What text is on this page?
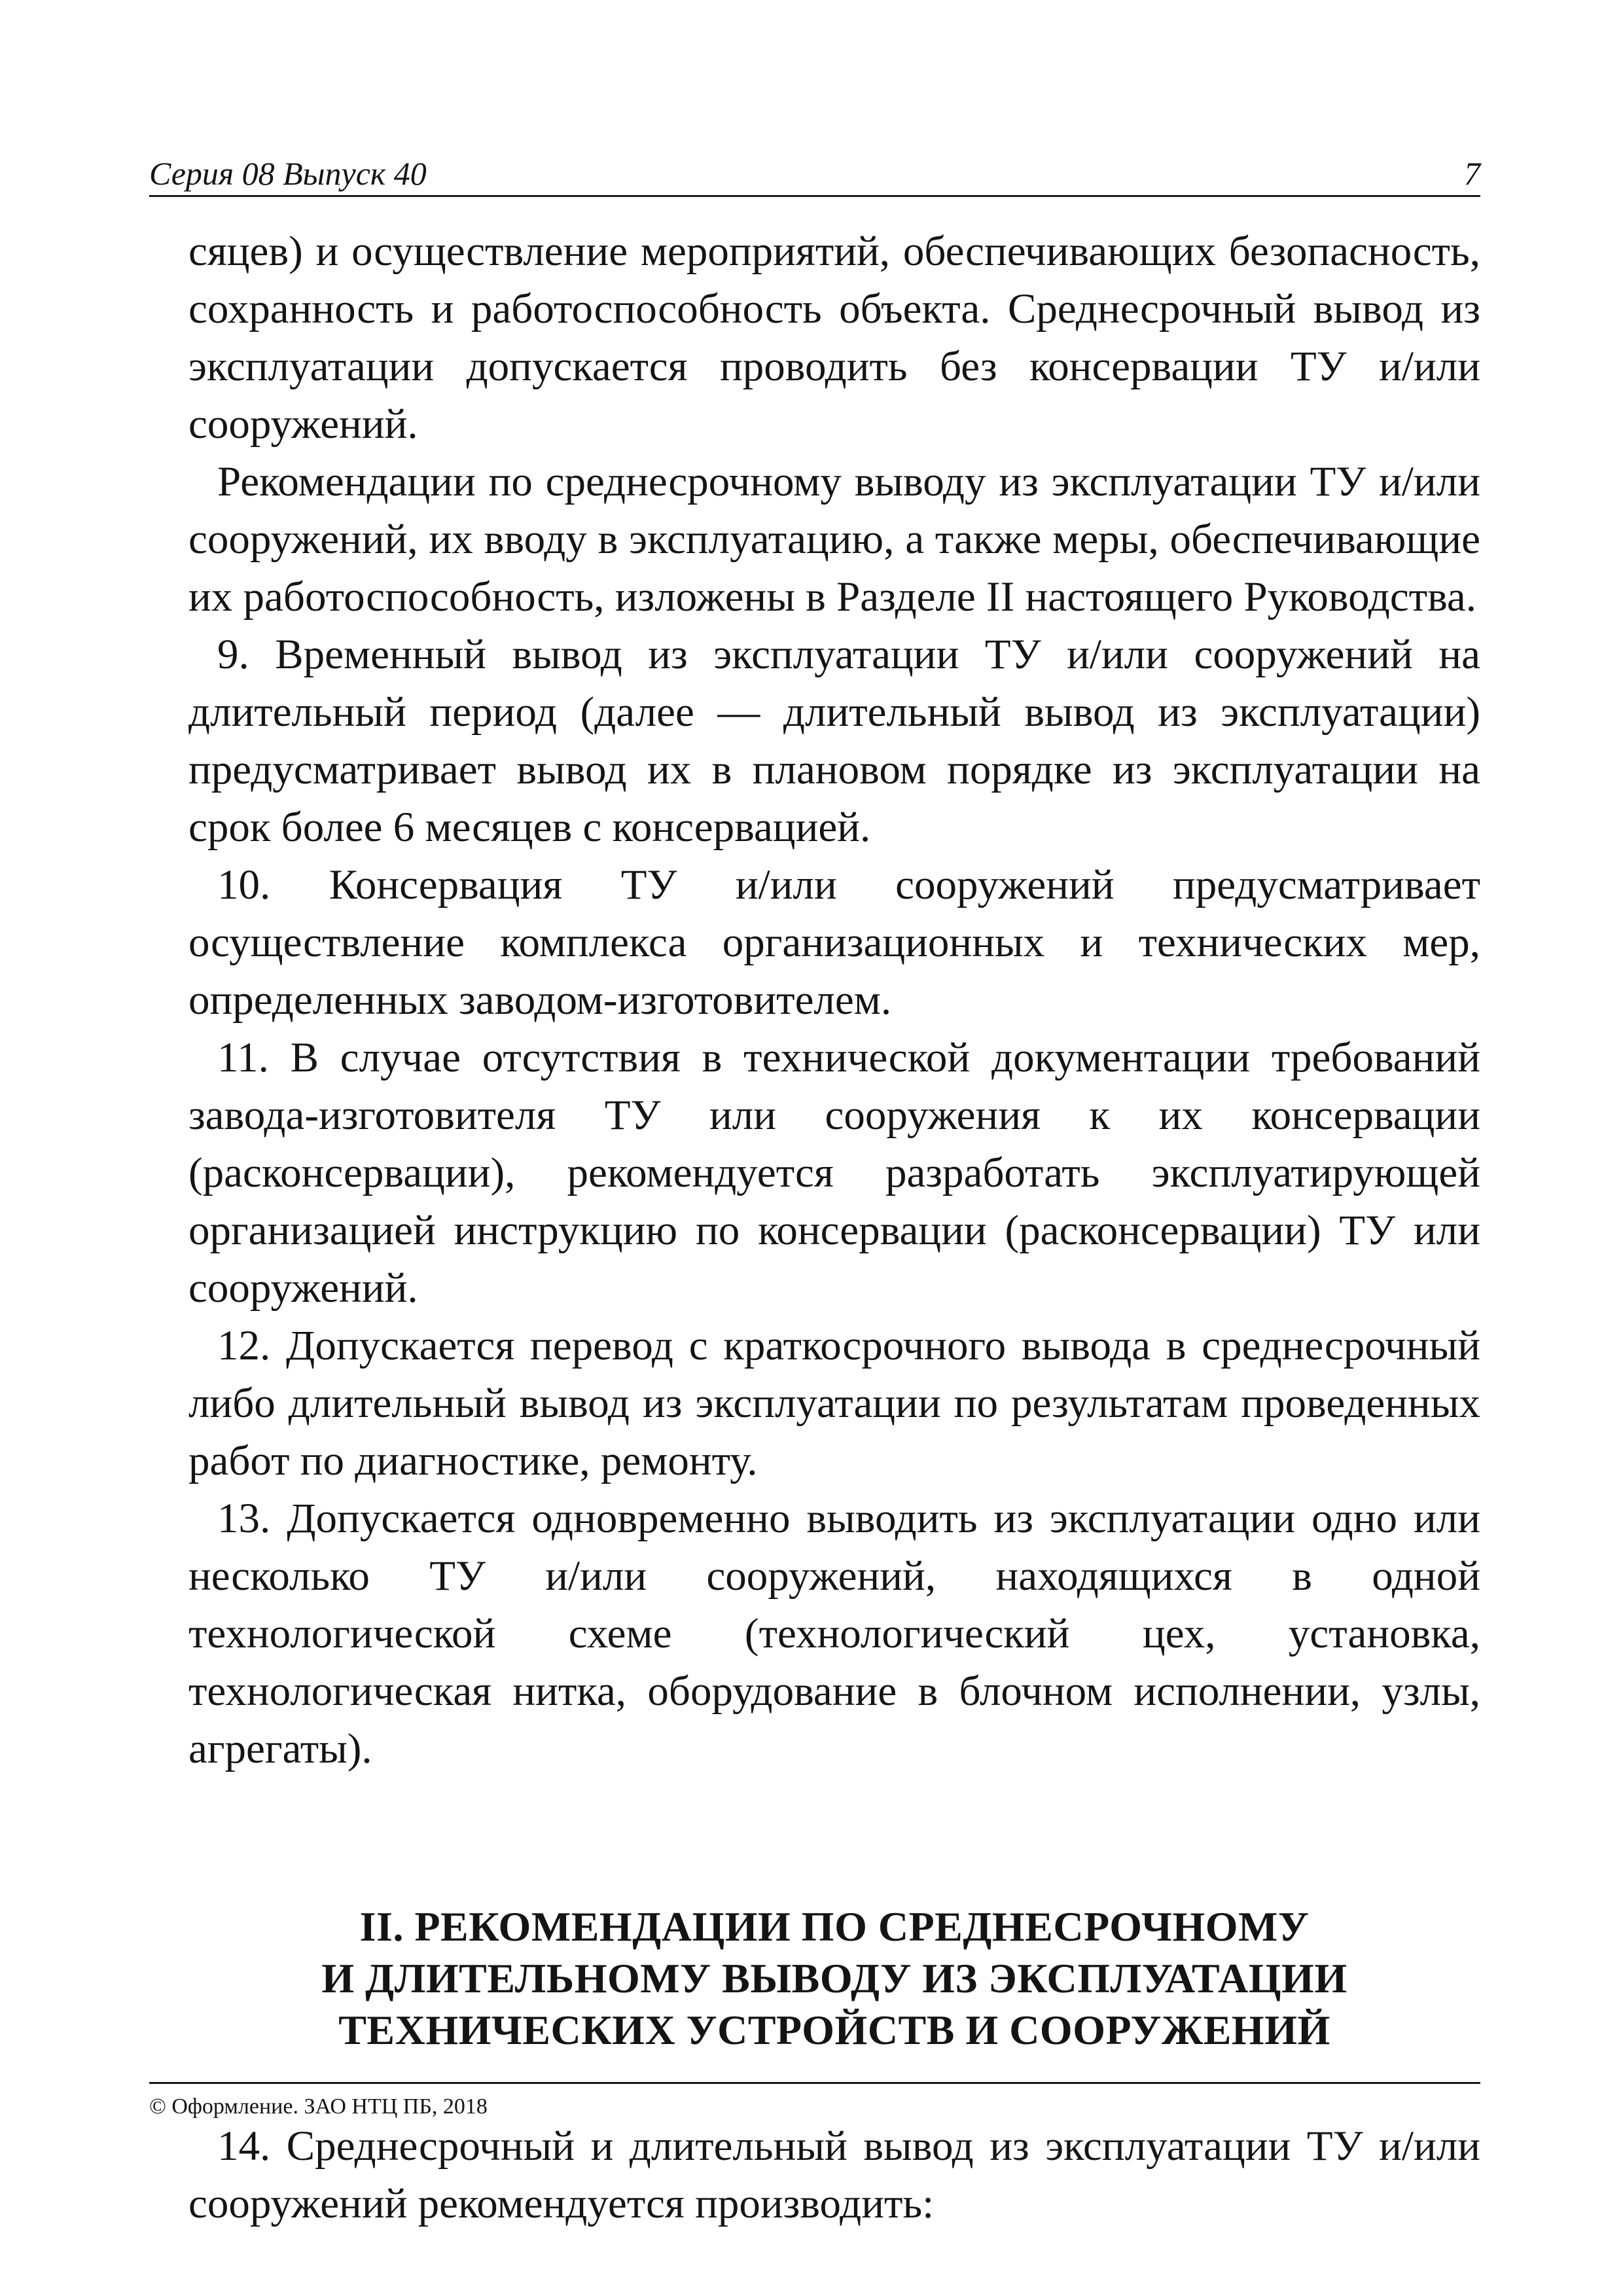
Серия 08 Выпуск 40	7

сяцев) и осуществление мероприятий, обеспечивающих безопасность, сохранность и работоспособность объекта. Среднесрочный вывод из эксплуатации допускается проводить без консервации ТУ и/или сооружений.

Рекомендации по среднесрочному выводу из эксплуатации ТУ и/или сооружений, их вводу в эксплуатацию, а также меры, обеспечивающие их работоспособность, изложены в Разделе II настоящего Руководства.

9. Временный вывод из эксплуатации ТУ и/или сооружений на длительный период (далее — длительный вывод из эксплуатации) предусматривает вывод их в плановом порядке из эксплуатации на срок более 6 месяцев с консервацией.

10. Консервация ТУ и/или сооружений предусматривает осуществление комплекса организационных и технических мер, определенных заводом-изготовителем.

11. В случае отсутствия в технической документации требований завода-изготовителя ТУ или сооружения к их консервации (расконсервации), рекомендуется разработать эксплуатирующей организацией инструкцию по консервации (расконсервации) ТУ или сооружений.

12. Допускается перевод с краткосрочного вывода в среднесрочный либо длительный вывод из эксплуатации по результатам проведенных работ по диагностике, ремонту.

13. Допускается одновременно выводить из эксплуатации одно или несколько ТУ и/или сооружений, находящихся в одной технологической схеме (технологический цех, установка, технологическая нитка, оборудование в блочном исполнении, узлы, агрегаты).

II. РЕКОМЕНДАЦИИ ПО СРЕДНЕСРОЧНОМУ
И ДЛИТЕЛЬНОМУ ВЫВОДУ ИЗ ЭКСПЛУАТАЦИИ
ТЕХНИЧЕСКИХ УСТРОЙСТВ И СООРУЖЕНИЙ

14. Среднесрочный и длительный вывод из эксплуатации ТУ и/или сооружений рекомендуется производить:

© Оформление. ЗАО НТЦ ПБ, 2018
